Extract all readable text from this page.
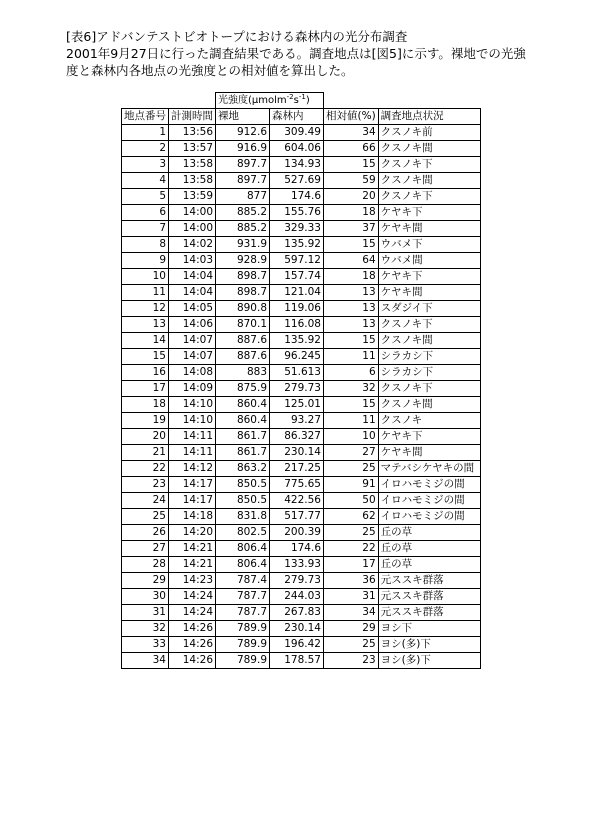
[表6]アドバンテストビオトープにおける森林内の光分布調査
2001年9月27日に行った調査結果である。調査地点は[図5]に示す。裸地での光強
度と森林内各地点の光強度との相対値を算出した。
		光強度$(\mu molm^{-2}s^{-1})$			
地点番号	計測時間	裸地	森林内	相対値(%)	調査地点状況
1	13:56	912.6	309.49	34	クスノキ前
2	13:57	916.9	604.06	66	クスノキ間
3	13:58	897.7	134.93	15	クスノキ下
4	13:58	897.7	527.69	59	クスノキ間
5	13:59	877	174.6	20	クスノキ下
6	14:00	885.2	155.76	18	ケヤキ下
7	14:00	885.2	329.33	37	ケヤキ間
8	14:02	931.9	135.92	15	ウバメ下
9	14:03	928.9	597.12	64	ウバメ間
10	14:04	898.7	157.74	18	ケヤキ下
11	14:04	898.7	121.04	13	ケヤキ間
12	14:05	890.8	119.06	13	スダジイ下
13	14:06	870.1	116.08	13	クスノキ下
14	14:07	887.6	135.92	15	クスノキ間
15	14:07	887.6	96.245	11	シラカシ下
16	14:08	883	51.613	6	シラカシ下
17	14:09	875.9	279.73	32	クスノキ下
18	14:10	860.4	125.01	15	クスノキ間
19	14:10	860.4	93.27	11	クスノキ
20	14:11	861.7	86.327	10	ケヤキ下
21	14:11	861.7	230.14	27	ケヤキ間
22	14:12	863.2	217.25	25	マテバシケヤキの間
23	14:17	850.5	775.65	91	イロハモミジの間
24	14:17	850.5	422.56	50	イロハモミジの間
25	14:18	831.8	517.77	62	イロハモミジの間
26	14:20	802.5	200.39	25	丘の草
27	14:21	806.4	174.6	22	丘の草
28	14:21	806.4	133.93	17	丘の草
29	14:23	787.4	279.73	36	元ススキ群落
30	14:24	787.7	244.03	31	元ススキ群落
31	14:24	787.7	267.83	34	元ススキ群落
32	14:26	789.9	230.14	29	ヨシ下
33	14:26	789.9	196.42	25	ヨシ(多)下
34	14:26	789.9	178.57	23	ヨシ(多)下
